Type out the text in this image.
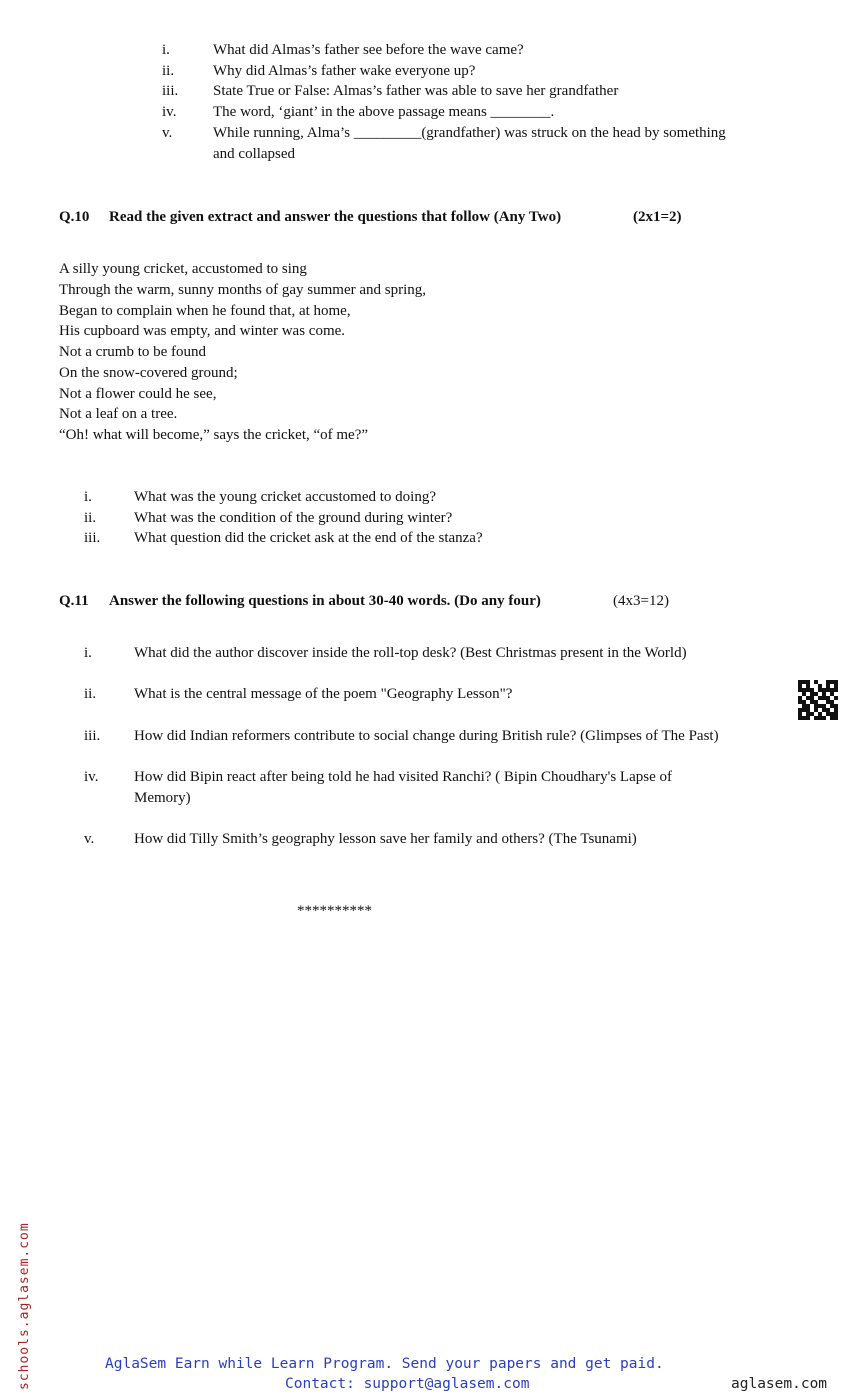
i.	What did Almas’s father see before the wave came?
ii.	Why did Almas’s father wake everyone up?
iii. State True or False: Almas’s father was able to save her grandfather
iv. The word, ‘giant’ in the above passage means ________.
v.	While running, Alma’s _________(grandfather) was struck on the head by something
and collapsed
Q.10 Read the given extract and answer the questions that follow (Any Two)	(2x1=2)
A silly young cricket, accustomed to sing
Through the warm, sunny months of gay summer and spring,
Began to complain when he found that, at home,
His cupboard was empty, and winter was come.
Not a crumb to be found
On the snow-covered ground;
Not a flower could he see,
Not a leaf on a tree.
“Oh! what will become,” says the cricket, “of me?”
i.	What was the young cricket accustomed to doing?
ii.	What was the condition of the ground during winter?
iii. What question did the cricket ask at the end of the stanza?
Q.11 Answer the following questions in about 30-40 words. (Do any four)	(4x3=12)
i.	What did the author discover inside the roll-top desk? (Best Christmas present in the World)
ii.	What is the central message of the poem "Geography Lesson"?
iii. How did Indian reformers contribute to social change during British rule? (Glimpses of The Past)
iv. How did Bipin react after being told he had visited Ranchi? ( Bipin Choudhary's Lapse of
Memory)
v.	How did Tilly Smith’s geography lesson save her family and others? (The Tsunami)
**********
schools.aglasem.com	AglaSem Earn while Learn Program. Send your papers and get paid.
Contact: support@aglasem.com	aglasem.com
